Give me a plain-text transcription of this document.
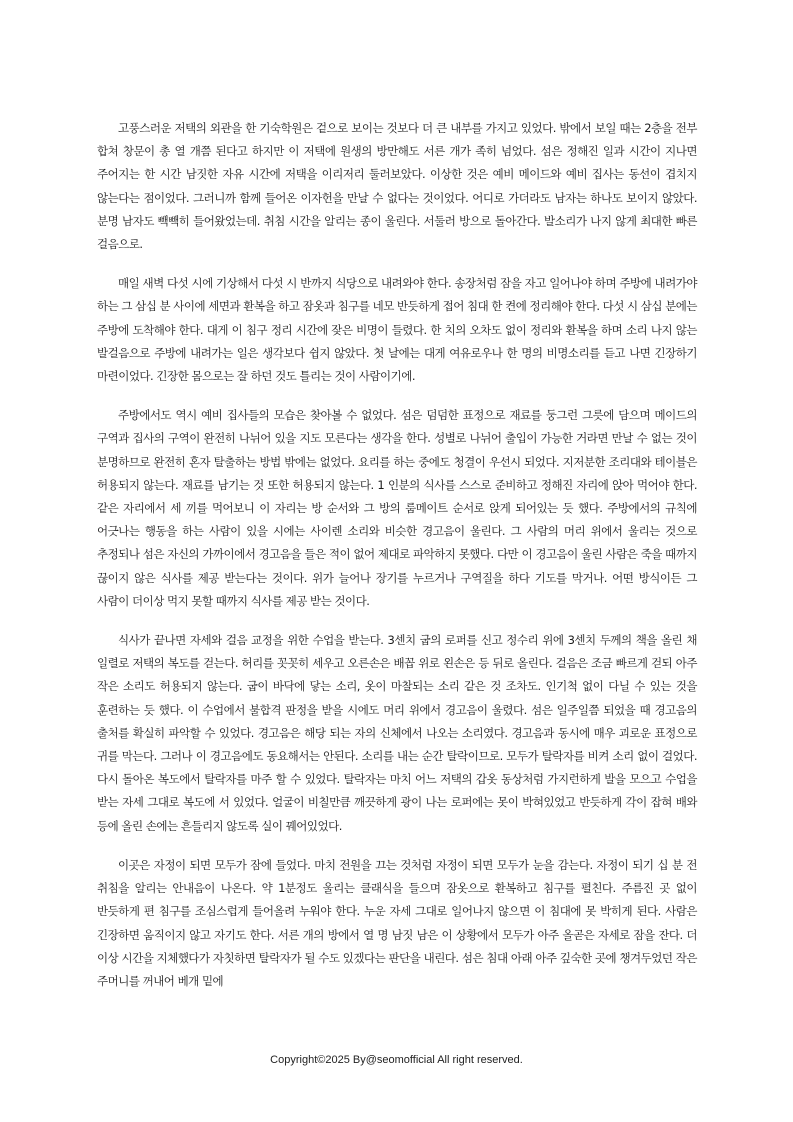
고풍스러운 저택의 외관을 한 기숙학원은 겉으로 보이는 것보다 더 큰 내부를 가지고 있었다. 밖에서 보일 때는 2층을 전부 합쳐 창문이 총 열 개쯤 된다고 하지만 이 저택에 원생의 방만해도 서른 개가 족히 넘었다. 섬은 정해진 일과 시간이 지나면 주어지는 한 시간 남짓한 자유 시간에 저택을 이리저리 둘러보았다. 이상한 것은 예비 메이드와 예비 집사는 동선이 겹치지 않는다는 점이었다. 그러니까 함께 들어온 이자헌을 만날 수 없다는 것이었다. 어디로 가더라도 남자는 하나도 보이지 않았다. 분명 남자도 빽빽히 들어왔었는데. 취침 시간을 알리는 종이 울린다. 서둘러 방으로 돌아간다. 발소리가 나지 않게 최대한 빠른 걸음으로.

매일 새벽 다섯 시에 기상해서 다섯 시 반까지 식당으로 내려와야 한다. 송장처럼 잠을 자고 일어나야 하며 주방에 내려가야 하는 그 삼십 분 사이에 세면과 환복을 하고 잠옷과 침구를 네모 반듯하게 접어 침대 한 켠에 정리해야 한다. 다섯 시 삼십 분에는 주방에 도착해야 한다. 대게 이 침구 정리 시간에 잦은 비명이 들렸다. 한 치의 오차도 없이 정리와 환복을 하며 소리 나지 않는 발걸음으로 주방에 내려가는 일은 생각보다 쉽지 않았다. 첫 날에는 대게 여유로우나 한 명의 비명소리를 듣고 나면 긴장하기 마련이었다. 긴장한 몸으로는 잘 하던 것도 틀리는 것이 사람이기에.

주방에서도 역시 예비 집사들의 모습은 찾아볼 수 없었다. 섬은 덤덤한 표정으로 재료를 둥그런 그릇에 담으며 메이드의 구역과 집사의 구역이 완전히 나뉘어 있을 지도 모른다는 생각을 한다. 성별로 나뉘어 출입이 가능한 거라면 만날 수 없는 것이 분명하므로 완전히 혼자 탈출하는 방법 밖에는 없었다. 요리를 하는 중에도 청결이 우선시 되었다. 지저분한 조리대와 테이블은 허용되지 않는다. 재료를 남기는 것 또한 허용되지 않는다. 1 인분의 식사를 스스로 준비하고 정해진 자리에 앉아 먹어야 한다. 같은 자리에서 세 끼를 먹어보니 이 자리는 방 순서와 그 방의 룸메이트 순서로 앉게 되어있는 듯 했다. 주방에서의 규칙에 어긋나는 행동을 하는 사람이 있을 시에는 사이렌 소리와 비슷한 경고음이 울린다. 그 사람의 머리 위에서 울리는 것으로 추정되나 섬은 자신의 가까이에서 경고음을 들은 적이 없어 제대로 파악하지 못했다. 다만 이 경고음이 울린 사람은 죽을 때까지 끊이지 않은 식사를 제공 받는다는 것이다. 위가 늘어나 장기를 누르거나 구역질을 하다 기도를 막거나. 어떤 방식이든 그 사람이 더이상 먹지 못할 때까지 식사를 제공 받는 것이다.

식사가 끝나면 자세와 걸음 교정을 위한 수업을 받는다. 3센치 굽의 로퍼를 신고 정수리 위에 3센치 두께의 책을 올린 채 일렬로 저택의 복도를 걷는다. 허리를 꼿꼿히 세우고 오른손은 배꼽 위로 왼손은 등 뒤로 올린다. 걸음은 조금 빠르게 걷되 아주 작은 소리도 허용되지 않는다. 굽이 바닥에 닿는 소리, 옷이 마찰되는 소리 같은 것 조차도. 인기척 없이 다닐 수 있는 것을 훈련하는 듯 했다. 이 수업에서 불합격 판정을 받을 시에도 머리 위에서 경고음이 울렸다. 섬은 일주일쯤 되었을 때 경고음의 출처를 확실히 파악할 수 있었다. 경고음은 해당 되는 자의 신체에서 나오는 소리였다. 경고음과 동시에 매우 괴로운 표정으로 귀를 막는다. 그러나 이 경고음에도 동요해서는 안된다. 소리를 내는 순간 탈락이므로. 모두가 탈락자를 비켜 소리 없이 걸었다. 다시 돌아온 복도에서 탈락자를 마주 할 수 있었다. 탈락자는 마치 어느 저택의 갑옷 동상처럼 가지런하게 발을 모으고 수업을 받는 자세 그대로 복도에 서 있었다. 얼굴이 비칠만큼 깨끗하게 광이 나는 로퍼에는 못이 박혀있었고 반듯하게 각이 잡혀 배와 등에 올린 손에는 흔들리지 않도록 실이 꿰어있었다.

이곳은 자정이 되면 모두가 잠에 들었다. 마치 전원을 끄는 것처럼 자정이 되면 모두가 눈을 감는다. 자정이 되기 십 분 전 취침을 알리는 안내음이 나온다. 약 1분정도 울리는 클래식을 들으며 잠옷으로 환복하고 침구를 펼친다. 주름진 곳 없이 반듯하게 편 침구를 조심스럽게 들어올려 누워야 한다. 누운 자세 그대로 일어나지 않으면 이 침대에 못 박히게 된다. 사람은 긴장하면 움직이지 않고 자기도 한다. 서른 개의 방에서 열 명 남짓 남은 이 상황에서 모두가 아주 올곧은 자세로 잠을 잔다. 더 이상 시간을 지체했다가 자칫하면 탈락자가 될 수도 있겠다는 판단을 내린다. 섬은 침대 아래 아주 깊숙한 곳에 챙겨두었던 작은 주머니를 꺼내어 베개 밑에

Copyright©2025 By@seomofficial All right reserved.
